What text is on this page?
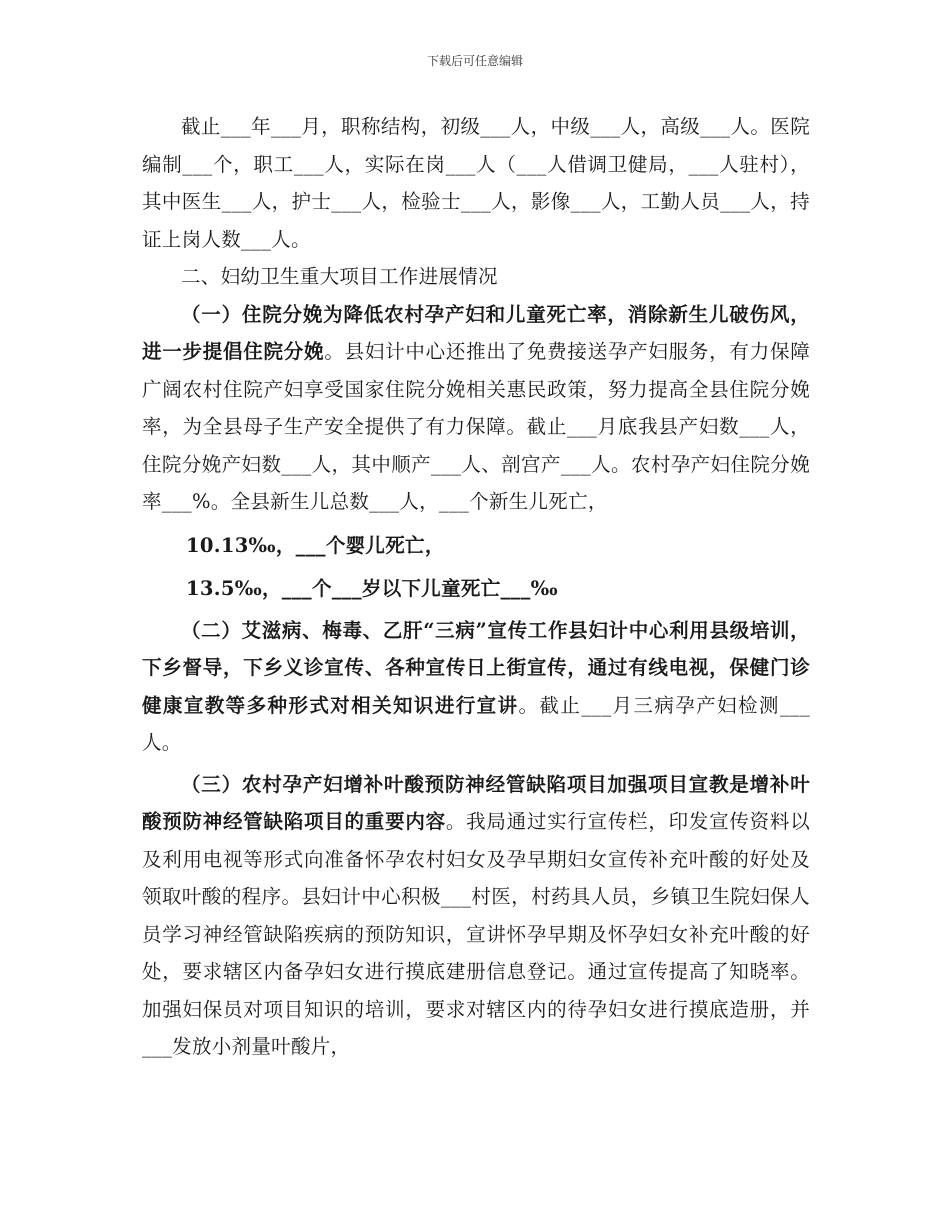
下载后可任意编辑

截止___年___月，职称结构，初级___人，中级___人，高级___人。医院编制___个，职工___人，实际在岗___人（___人借调卫健局，___人驻村），其中医生___人，护士___人，检验士___人，影像___人，工勤人员___人，持证上岗人数___人。

二、妇幼卫生重大项目工作进展情况

（一）住院分娩为降低农村孕产妇和儿童死亡率，消除新生儿破伤风，进一步提倡住院分娩。县妇计中心还推出了免费接送孕产妇服务，有力保障广阔农村住院产妇享受国家住院分娩相关惠民政策，努力提高全县住院分娩率，为全县母子生产安全提供了有力保障。截止___月底我县产妇数___人，住院分娩产妇数___人，其中顺产___人、剖宫产___人。农村孕产妇住院分娩率___%。全县新生儿总数___人，___个新生儿死亡，

10.13‰，___个婴儿死亡，

13.5‰，___个___岁以下儿童死亡___‰

（二）艾滋病、梅毒、乙肝“三病”宣传工作县妇计中心利用县级培训，下乡督导，下乡义诊宣传、各种宣传日上街宣传，通过有线电视，保健门诊健康宣教等多种形式对相关知识进行宣讲。截止___月三病孕产妇检测___人。

（三）农村孕产妇增补叶酸预防神经管缺陷项目加强项目宣教是增补叶酸预防神经管缺陷项目的重要内容。我局通过实行宣传栏，印发宣传资料以及利用电视等形式向准备怀孕农村妇女及孕早期妇女宣传补充叶酸的好处及领取叶酸的程序。县妇计中心积极___村医，村药具人员，乡镇卫生院妇保人员学习神经管缺陷疾病的预防知识，宣讲怀孕早期及怀孕妇女补充叶酸的好处，要求辖区内备孕妇女进行摸底建册信息登记。通过宣传提高了知晓率。加强妇保员对项目知识的培训，要求对辖区内的待孕妇女进行摸底造册，并___发放小剂量叶酸片，
